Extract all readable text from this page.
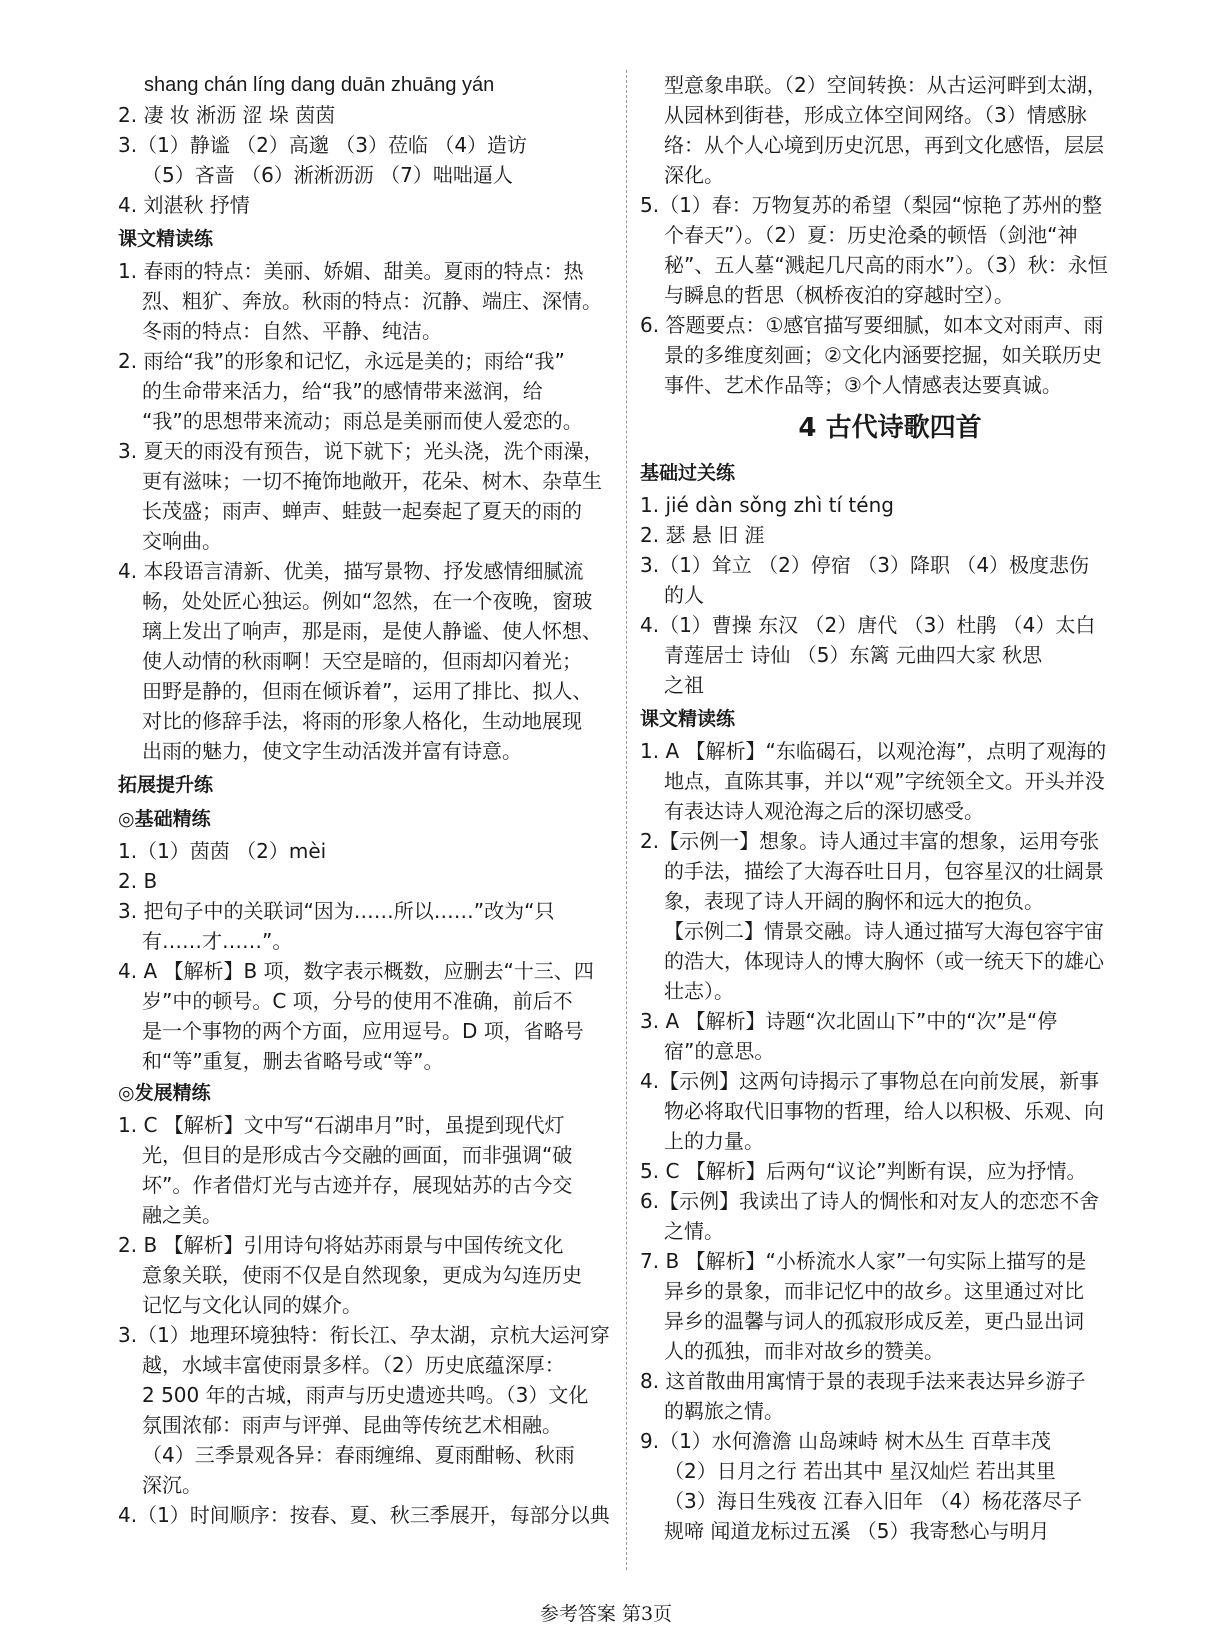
shang chán líng dang duān zhuāng yán
2. 凄 妆 淅沥 涩 垛 茵茵
3.（1）静谧 （2）高邈 （3）莅临 （4）造访
（5）吝啬 （6）淅淅沥沥 （7）咄咄逼人
4. 刘湛秋 抒情
课文精读练
1. 春雨的特点：美丽、娇媚、甜美。夏雨的特点：热
烈、粗犷、奔放。秋雨的特点：沉静、端庄、深情。
冬雨的特点：自然、平静、纯洁。
2. 雨给“我”的形象和记忆，永远是美的；雨给“我”
的生命带来活力，给“我”的感情带来滋润，给
“我”的思想带来流动；雨总是美丽而使人爱恋的。
3. 夏天的雨没有预告，说下就下；光头浇，洗个雨澡，
更有滋味；一切不掩饰地敞开，花朵、树木、杂草生
长茂盛；雨声、蝉声、蛙鼓一起奏起了夏天的雨的
交响曲。
4. 本段语言清新、优美，描写景物、抒发感情细腻流
畅，处处匠心独运。例如“忽然，在一个夜晚，窗玻
璃上发出了响声，那是雨，是使人静谧、使人怀想、
使人动情的秋雨啊！天空是暗的，但雨却闪着光；
田野是静的，但雨在倾诉着”，运用了排比、拟人、
对比的修辞手法，将雨的形象人格化，生动地展现
出雨的魅力，使文字生动活泼并富有诗意。
拓展提升练
◎基础精练
1.（1）茵茵 （2）mèi
2. B
3. 把句子中的关联词“因为……所以……”改为“只
有……才……”。
4. A 【解析】B 项，数字表示概数，应删去“十三、四
岁”中的顿号。C 项，分号的使用不准确，前后不
是一个事物的两个方面，应用逗号。D 项，省略号
和“等”重复，删去省略号或“等”。
◎发展精练
1. C 【解析】文中写“石湖串月”时，虽提到现代灯
光，但目的是形成古今交融的画面，而非强调“破
坏”。作者借灯光与古迹并存，展现姑苏的古今交
融之美。
2. B 【解析】引用诗句将姑苏雨景与中国传统文化
意象关联，使雨不仅是自然现象，更成为勾连历史
记忆与文化认同的媒介。
3.（1）地理环境独特：衔长江、孕太湖，京杭大运河穿
越，水域丰富使雨景多样。（2）历史底蕴深厚：
2 500 年的古城，雨声与历史遗迹共鸣。（3）文化
氛围浓郁：雨声与评弹、昆曲等传统艺术相融。
（4）三季景观各异：春雨缠绵、夏雨酣畅、秋雨
深沉。
4.（1）时间顺序：按春、夏、秋三季展开，每部分以典
型意象串联。（2）空间转换：从古运河畔到太湖，
从园林到街巷，形成立体空间网络。（3）情感脉
络：从个人心境到历史沉思，再到文化感悟，层层
深化。
5.（1）春：万物复苏的希望（梨园“惊艳了苏州的整
个春天”）。（2）夏：历史沧桑的顿悟（剑池“神
秘”、五人墓“溅起几尺高的雨水”）。（3）秋：永恒
与瞬息的哲思（枫桥夜泊的穿越时空）。
6. 答题要点：①感官描写要细腻，如本文对雨声、雨
景的多维度刻画；②文化内涵要挖掘，如关联历史
事件、艺术作品等；③个人情感表达要真诚。
4 古代诗歌四首
基础过关练
1. jié dàn sǒng zhì tí téng
2. 瑟 悬 旧 涯
3.（1）耸立 （2）停宿 （3）降职 （4）极度悲伤
的人
4.（1）曹操 东汉 （2）唐代 （3）杜鹃 （4）太白
青莲居士 诗仙 （5）东篱 元曲四大家 秋思
之祖
课文精读练
1. A 【解析】“东临碣石，以观沧海”，点明了观海的
地点，直陈其事，并以“观”字统领全文。开头并没
有表达诗人观沧海之后的深切感受。
2.【示例一】想象。诗人通过丰富的想象，运用夸张
的手法，描绘了大海吞吐日月，包容星汉的壮阔景
象，表现了诗人开阔的胸怀和远大的抱负。
【示例二】情景交融。诗人通过描写大海包容宇宙
的浩大，体现诗人的博大胸怀（或一统天下的雄心
壮志）。
3. A 【解析】诗题“次北固山下”中的“次”是“停
宿”的意思。
4.【示例】这两句诗揭示了事物总在向前发展，新事
物必将取代旧事物的哲理，给人以积极、乐观、向
上的力量。
5. C 【解析】后两句“议论”判断有误，应为抒情。
6.【示例】我读出了诗人的惆怅和对友人的恋恋不舍
之情。
7. B 【解析】“小桥流水人家”一句实际上描写的是
异乡的景象，而非记忆中的故乡。这里通过对比
异乡的温馨与词人的孤寂形成反差，更凸显出词
人的孤独，而非对故乡的赞美。
8. 这首散曲用寓情于景的表现手法来表达异乡游子
的羁旅之情。
9.（1）水何澹澹 山岛竦峙 树木丛生 百草丰茂
（2）日月之行 若出其中 星汉灿烂 若出其里
（3）海日生残夜 江春入旧年 （4）杨花落尽子
规啼 闻道龙标过五溪 （5）我寄愁心与明月
参考答案 第3页
